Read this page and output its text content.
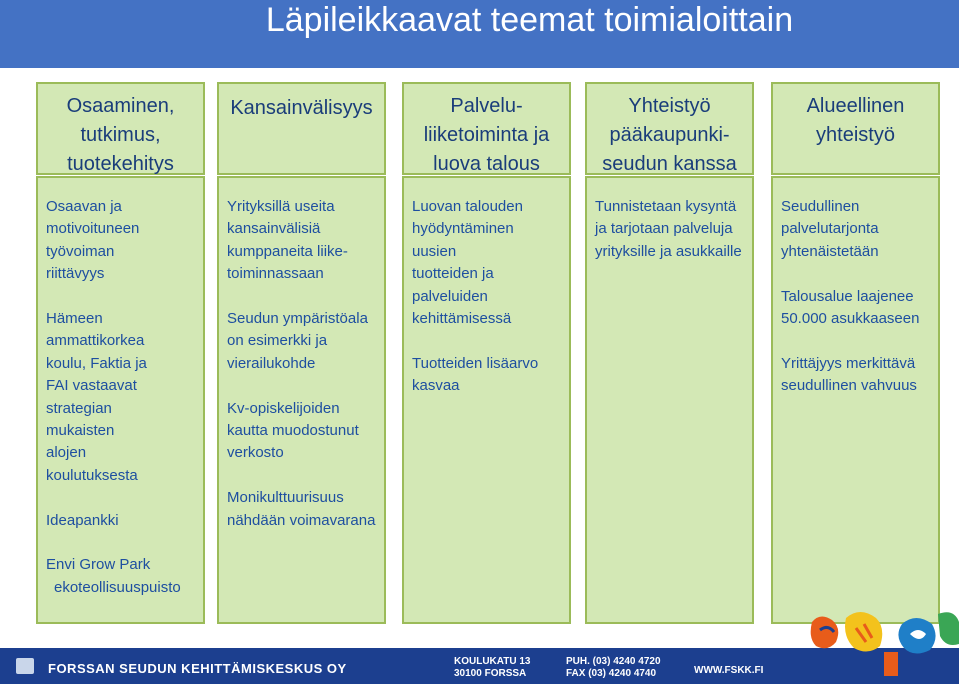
Läpileikkaavat teemat toimialoittain
Osaaminen,
tutkimus,
tuotekehitys

Osaavan ja
motivoituneen
työvoiman
riittävyys

Hämeen
ammattikorkea
koulu, Faktia ja
FAI vastaavat
strategian
mukaisten
alojen
koulutuksesta

Ideapankki

Envi Grow Park
ekoteollisuuspuisto
Kansainvälisyys

Yrityksillä useita
kansainvälisiä
kumppaneita liike-
toiminnassaan

Seudun ympäristöala
on esimerkki ja
vierailukohde

Kv-opiskelijoiden
kautta muodostunut
verkosto

Monikulttuurisuus
nähdään voimavarana

Palvelu-
liiketoiminta ja
luova talous

Luovan talouden
hyödyntäminen uusien
tuotteiden ja
palveluiden
kehittämisessä

Tuotteiden lisäarvo
kasvaa

Yhteistyö
pääkaupunki-
seudun kanssa

Tunnistetaan kysyntä
ja tarjotaan palveluja
yrityksille ja asukkaille

Alueellinen
yhteistyö

Seudullinen
palvelutarjonta
yhtenäistetään

Talousalue laajenee
50.000 asukkaaseen

Yrittäjyys merkittävä
seudullinen vahvuus

FORSSAN SEUDUN KEHITTÄMISKESKUS OY	KOULUKATU 13
30100 FORSSA
PUH. (03) 4240 4720
FAX (03) 4240 4740	WWW.FSKK.FI
